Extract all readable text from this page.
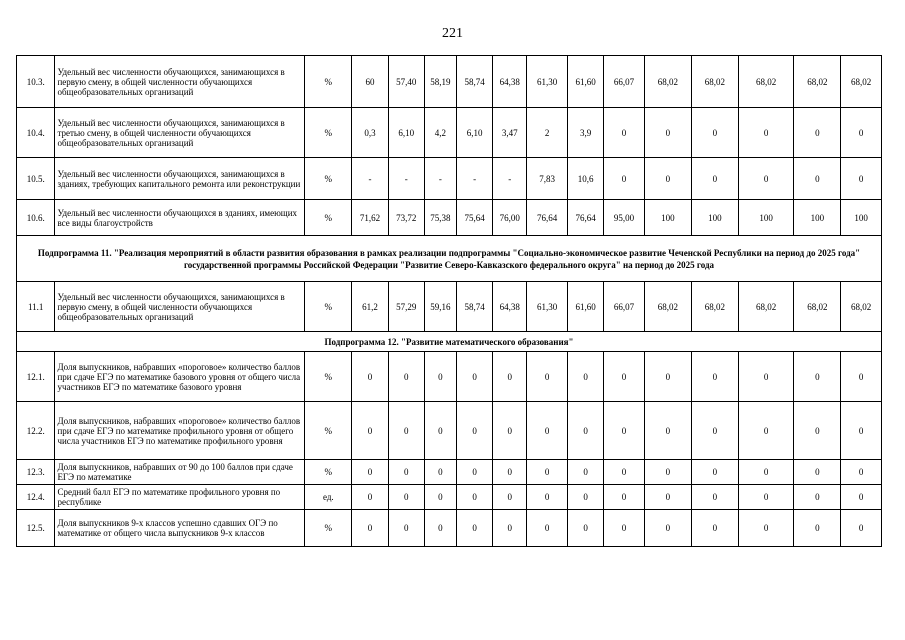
221
10.3.	Удельный вес численности обучающихся, занимающихся в первую смену, в общей численности обучающихся общеобразовательных организаций	%	60	57,40	58,19	58,74	64,38	61,30	61,60	66,07	68,02	68,02	68,02	68,02	68,02
10.4.	Удельный вес численности обучающихся, занимающихся в третью смену, в общей численности обучающихся общеобразовательных организаций	%	0,3	6,10	4,2	6,10	3,47	2	3,9	0	0	0	0	0	0
10.5.	Удельный вес численности обучающихся, занимающихся в зданиях, требующих капитального ремонта или реконструкции	%	-	-	-	-	-	7,83	10,6	0	0	0	0	0	0
10.6.	Удельный вес численности обучающихся в зданиях, имеющих все виды благоустройств	%	71,62	73,72	75,38	75,64	76,00	76,64	76,64	95,00	100	100	100	100	100
Подпрограмма 11. "Реализация мероприятий в области развития образования в рамках реализации подпрограммы "Социально-экономическое развитие Чеченской Республики на период до 2025 года" государственной программы Российской Федерации "Развитие Северо-Кавказского федерального округа" на период до 2025 года															
11.1	Удельный вес численности обучающихся, занимающихся в первую смену, в общей численности обучающихся общеобразовательных организаций	%	61,2	57,29	59,16	58,74	64,38	61,30	61,60	66,07	68,02	68,02	68,02	68,02	68,02
Подпрограмма 12. "Развитие математического образования"															
12.1.	Доля выпускников, набравших «пороговое» количество баллов при сдаче ЕГЭ по математике базового уровня от общего числа участников ЕГЭ по математике базового уровня	%	0	0	0	0	0	0	0	0	0	0	0	0	0
12.2.	Доля выпускников, набравших «пороговое» количество баллов при сдаче ЕГЭ по математике профильного уровня от общего числа участников ЕГЭ по математике профильного уровня	%	0	0	0	0	0	0	0	0	0	0	0	0	0
12.3.	Доля выпускников, набравших от 90 до 100 баллов при сдаче ЕГЭ по математике	%	0	0	0	0	0	0	0	0	0	0	0	0	0
12.4.	Средний балл ЕГЭ по математике профильного уровня по республике	ед.	0	0	0	0	0	0	0	0	0	0	0	0	0
12.5.	Доля выпускников 9-х классов успешно сдавших ОГЭ по математике от общего числа выпускников 9-х классов	%	0	0	0	0	0	0	0	0	0	0	0	0	0
